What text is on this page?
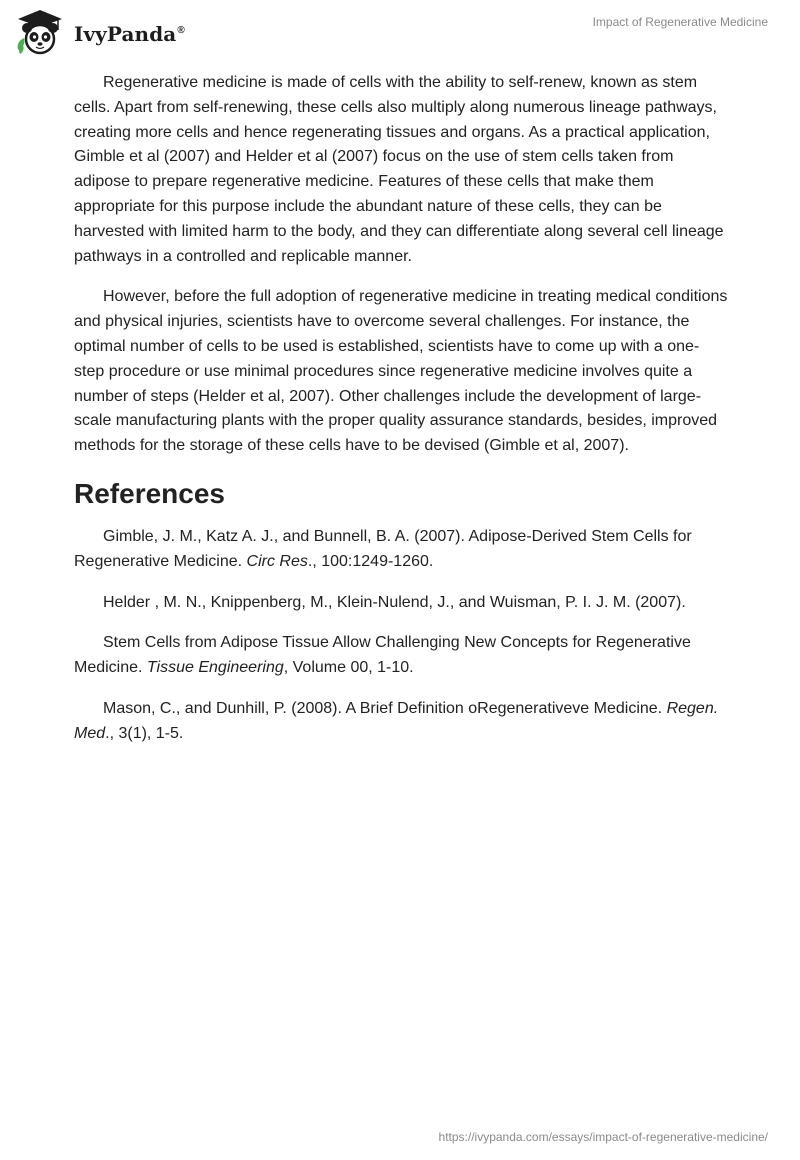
IvyPanda®
Impact of Regenerative Medicine

Regenerative medicine is made of cells with the ability to self-renew, known as stem cells. Apart from self-renewing, these cells also multiply along numerous lineage pathways, creating more cells and hence regenerating tissues and organs. As a practical application, Gimble et al (2007) and Helder et al (2007) focus on the use of stem cells taken from adipose to prepare regenerative medicine. Features of these cells that make them appropriate for this purpose include the abundant nature of these cells, they can be harvested with limited harm to the body, and they can differentiate along several cell lineage pathways in a controlled and replicable manner.

However, before the full adoption of regenerative medicine in treating medical conditions and physical injuries, scientists have to overcome several challenges. For instance, the optimal number of cells to be used is established, scientists have to come up with a one-step procedure or use minimal procedures since regenerative medicine involves quite a number of steps (Helder et al, 2007). Other challenges include the development of large-scale manufacturing plants with the proper quality assurance standards, besides, improved methods for the storage of these cells have to be devised (Gimble et al, 2007).

References

Gimble, J. M., Katz A. J., and Bunnell, B. A. (2007). Adipose-Derived Stem Cells for Regenerative Medicine. Circ Res., 100:1249-1260.

Helder , M. N., Knippenberg, M., Klein-Nulend, J., and Wuisman, P. I. J. M. (2007).

Stem Cells from Adipose Tissue Allow Challenging New Concepts for Regenerative Medicine. Tissue Engineering, Volume 00, 1-10.

Mason, C., and Dunhill, P. (2008). A Brief Definition oRegenerativeve Medicine. Regen. Med., 3(1), 1-5.

https://ivypanda.com/essays/impact-of-regenerative-medicine/
